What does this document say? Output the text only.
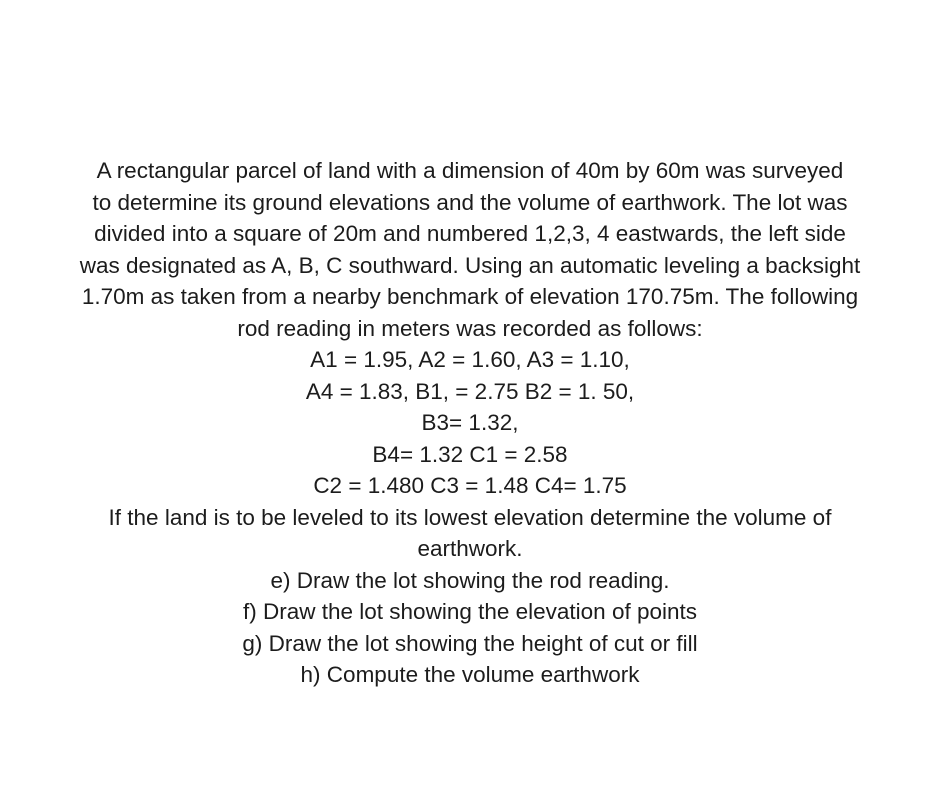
A rectangular parcel of land with a dimension of 40m by 60m was surveyed
to determine its ground elevations and the volume of earthwork. The lot was
divided into a square of 20m and numbered 1,2,3, 4 eastwards, the left side
was designated as A, B, C southward. Using an automatic leveling a backsight
1.70m as taken from a nearby benchmark of elevation 170.75m. The following
rod reading in meters was recorded as follows:
A1 = 1.95, A2 = 1.60, A3 = 1.10,
A4 = 1.83, B1, = 2.75 B2 = 1. 50,
B3= 1.32,
B4= 1.32 C1 = 2.58
C2 = 1.480 C3 = 1.48 C4= 1.75
If the land is to be leveled to its lowest elevation determine the volume of
earthwork.
e) Draw the lot showing the rod reading.
f) Draw the lot showing the elevation of points
g) Draw the lot showing the height of cut or fill
h) Compute the volume earthwork
